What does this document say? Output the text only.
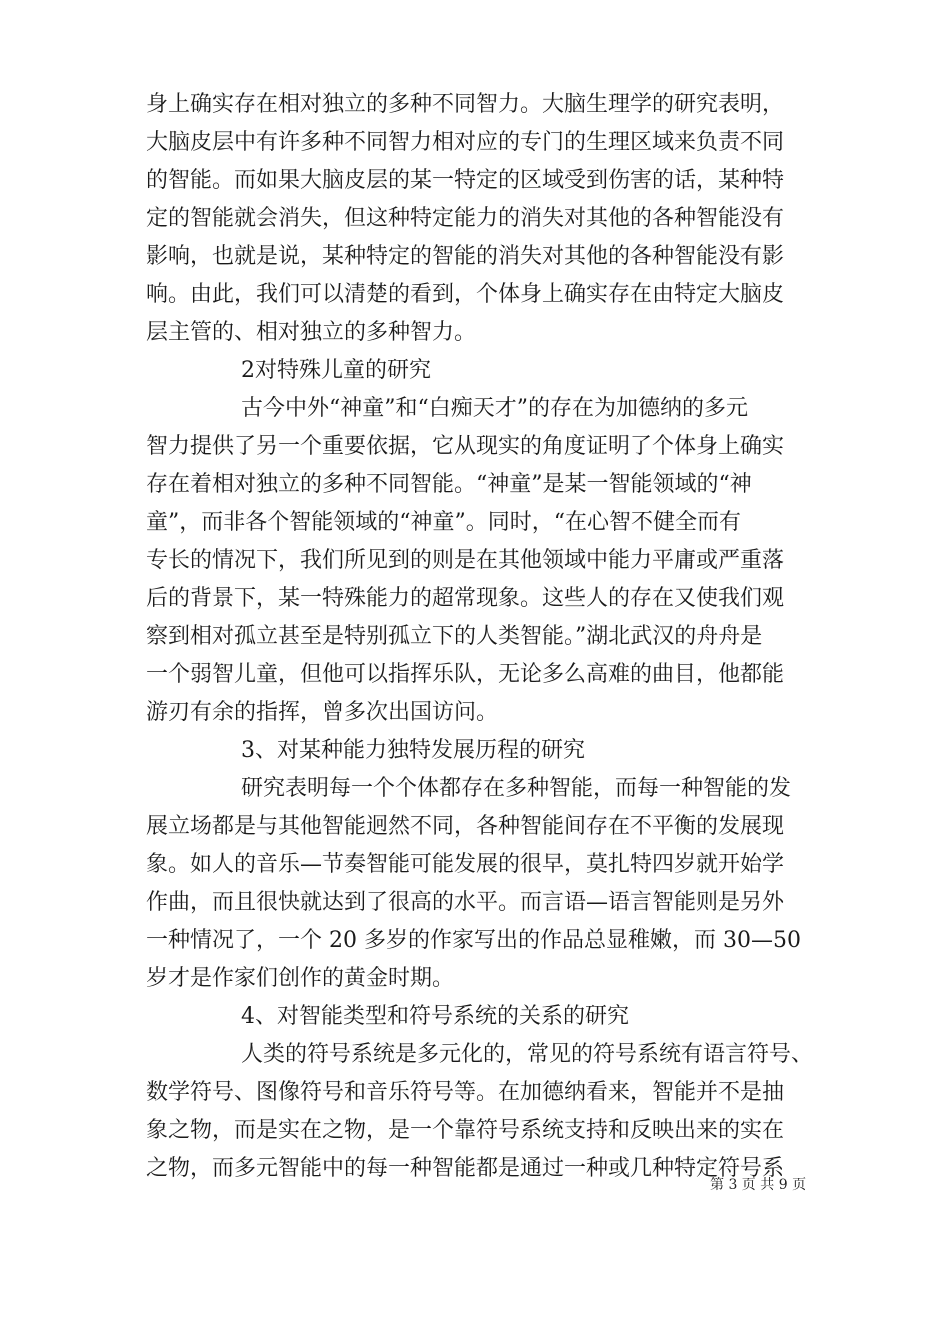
身上确实存在相对独立的多种不同智力。大脑生理学的研究表明，
大脑皮层中有许多种不同智力相对应的专门的生理区域来负责不同
的智能。而如果大脑皮层的某一特定的区域受到伤害的话，某种特
定的智能就会消失，但这种特定能力的消失对其他的各种智能没有
影响，也就是说，某种特定的智能的消失对其他的各种智能没有影
响。由此，我们可以清楚的看到，个体身上确实存在由特定大脑皮
层主管的、相对独立的多种智力。
2对特殊儿童的研究
古今中外“神童”和“白痴天才”的存在为加德纳的多元
智力提供了另一个重要依据，它从现实的角度证明了个体身上确实
存在着相对独立的多种不同智能。“神童”是某一智能领域的“神
童”，而非各个智能领域的“神童”。同时，“在心智不健全而有
专长的情况下，我们所见到的则是在其他领域中能力平庸或严重落
后的背景下，某一特殊能力的超常现象。这些人的存在又使我们观
察到相对孤立甚至是特别孤立下的人类智能。”湖北武汉的舟舟是
一个弱智儿童，但他可以指挥乐队，无论多么高难的曲目，他都能
游刃有余的指挥，曾多次出国访问。
3、对某种能力独特发展历程的研究
研究表明每一个个体都存在多种智能，而每一种智能的发
展立场都是与其他智能迥然不同，各种智能间存在不平衡的发展现
象。如人的音乐—节奏智能可能发展的很早，莫扎特四岁就开始学
作曲，而且很快就达到了很高的水平。而言语—语言智能则是另外
一种情况了，一个 20 多岁的作家写出的作品总显稚嫩，而 30—50
岁才是作家们创作的黄金时期。
4、对智能类型和符号系统的关系的研究
人类的符号系统是多元化的，常见的符号系统有语言符号、
数学符号、图像符号和音乐符号等。在加德纳看来，智能并不是抽
象之物，而是实在之物，是一个靠符号系统支持和反映出来的实在
之物，而多元智能中的每一种智能都是通过一种或几种特定符号系
第 3 页 共 9 页
